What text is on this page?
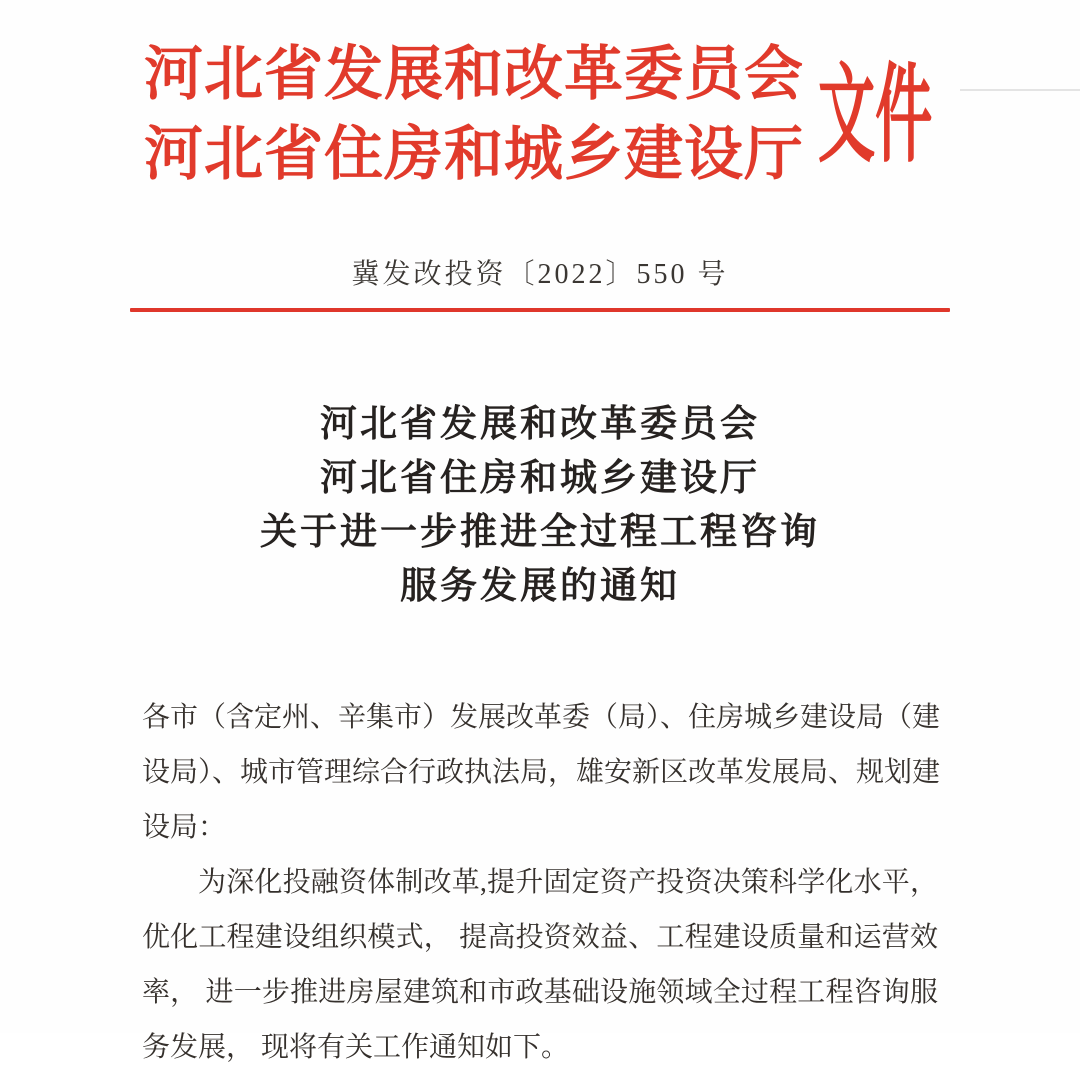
河北省发展和改革委员会
河北省住房和城乡建设厅 文件
冀发改投资〔2022〕550 号
河北省发展和改革委员会
河北省住房和城乡建设厅
关于进一步推进全过程工程咨询
服务发展的通知
各市（含定州、辛集市）发展改革委（局）、住房城乡建设局（建
设局）、城市管理综合行政执法局，雄安新区改革发展局、规划建
设局：
为深化投融资体制改革,提升固定资产投资决策科学化水平，
优化工程建设组织模式， 提高投资效益、工程建设质量和运营效
率， 进一步推进房屋建筑和市政基础设施领域全过程工程咨询服
务发展， 现将有关工作通知如下。
